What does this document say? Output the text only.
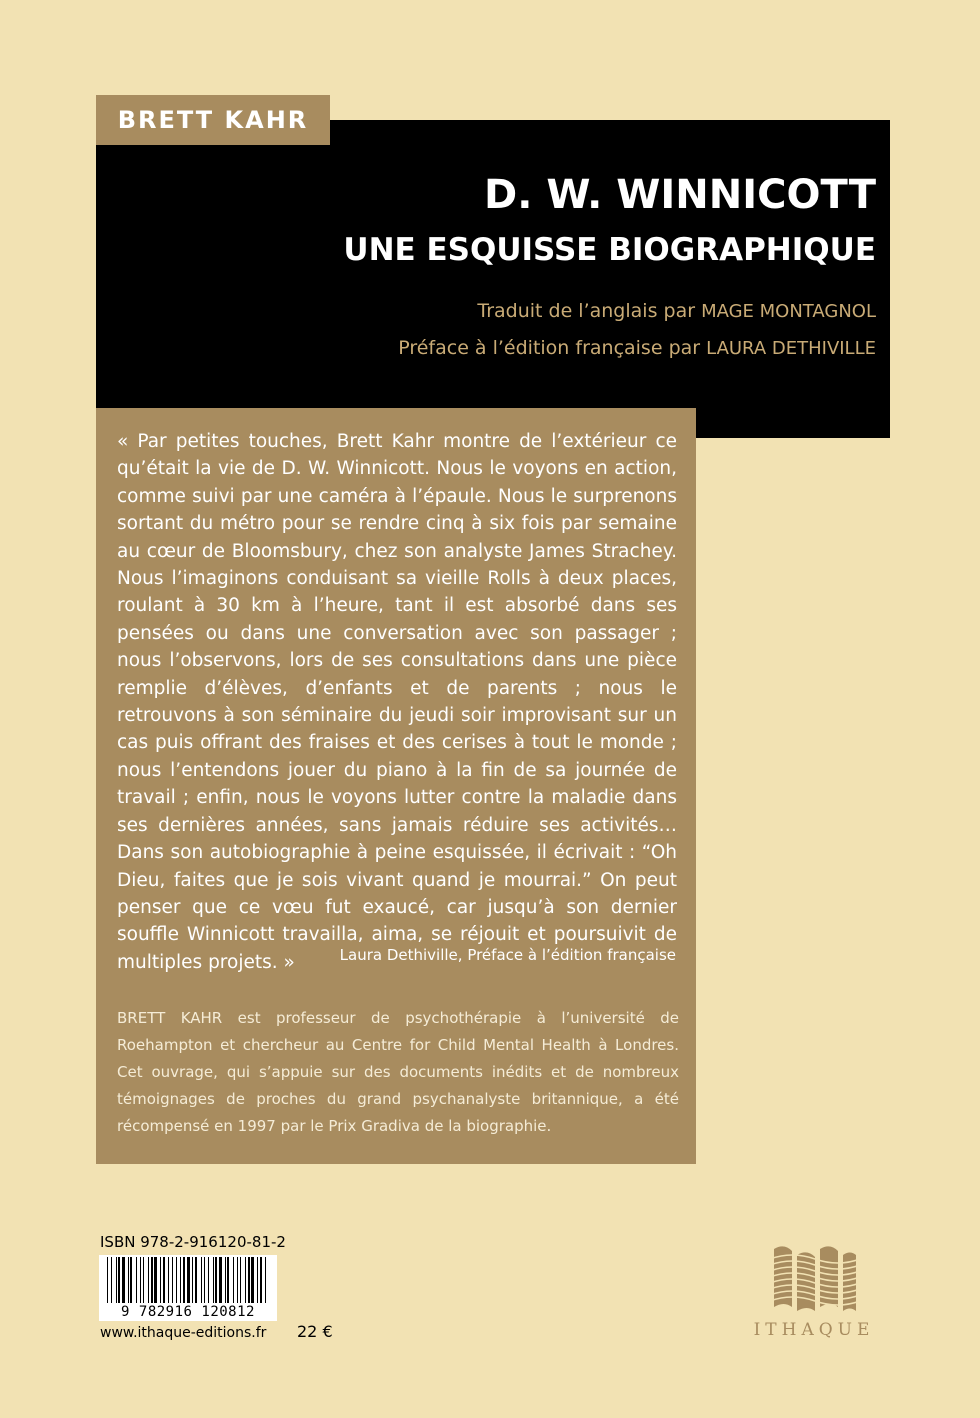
BRETT KAHR
D. W. WINNICOTT
UNE ESQUISSE BIOGRAPHIQUE
Traduit de l’anglais par MAGE MONTAGNOL
Préface à l’édition française par LAURA DETHIVILLE

« Par petites touches, Brett Kahr montre de l’extérieur ce qu’était la vie de D. W. Winnicott. Nous le voyons en action, comme suivi par une caméra à l’épaule. Nous le surprenons sortant du métro pour se rendre cinq à six fois par semaine au cœur de Bloomsbury, chez son analyste James Strachey. Nous l’imaginons conduisant sa vieille Rolls à deux places, roulant à 30 km à l’heure, tant il est absorbé dans ses pensées ou dans une conversation avec son passager ; nous l’observons, lors de ses consultations dans une pièce remplie d’élèves, d’enfants et de parents ; nous le retrouvons à son séminaire du jeudi soir improvisant sur un cas puis offrant des fraises et des cerises à tout le monde ; nous l’entendons jouer du piano à la fin de sa journée de travail ; enfin, nous le voyons lutter contre la maladie dans ses dernières années, sans jamais réduire ses activités… Dans son autobiographie à peine esquissée, il écrivait : “Oh Dieu, faites que je sois vivant quand je mourrai.” On peut penser que ce vœu fut exaucé, car jusqu’à son dernier souffle Winnicott travailla, aima, se réjouit et poursuivit de multiples projets. »	Laura Dethiville, Préface à l’édition française

BRETT KAHR est professeur de psychothérapie à l’université de Roehampton et chercheur au Centre for Child Mental Health à Londres. Cet ouvrage, qui s’appuie sur des documents inédits et de nombreux témoignages de proches du grand psychanalyste britannique, a été récompensé en 1997 par le Prix Gradiva de la biographie.

ISBN 978-2-916120-81-2
9 782916 120812
www.ithaque-editions.fr 22 €	ITHAQUE
